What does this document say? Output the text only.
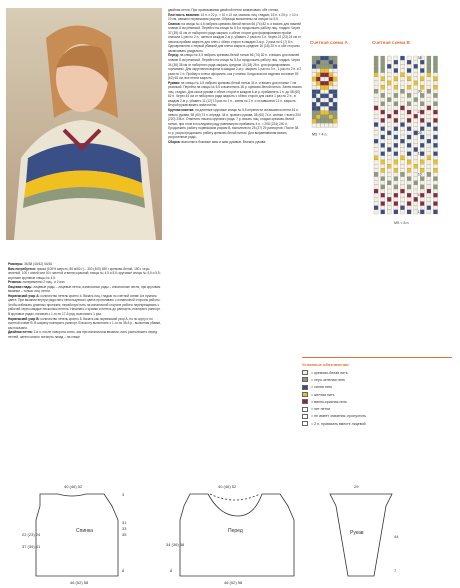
Размеры: 36/38 (40/42) 44/46
Вам потребуется: пряжа (100% шерсть; 85 м/50 г) – 300 (400) 450 г кремово-белой, 150 г серо-зеленой, 100 г синей или 50 г желтой и винно-красной; спицы № 4,5 и 5,5; круговые спицы № 4,5 и 5,5; короткие круговые спицы № 4,5.
Резинка: попеременно 2 лиц., и 2 изн.
Лицевая гладь: лицевые ряды – лицевые петли, изнаночные ряды – изнаночные петли; при круговом вязании – только лиц. петли.
Норвежский узор A: количество петель кратно 4. Вязать лиц. гладью по счетной схеме A в нужном цвете. При вязании внутри ряда нить непользуемого цвета протягивать с изнаночной стороны работы. Чтобы избежать длинных протяжек, нерабочую нить на изнаночной стороне работы перекрещивать с рабочей через каждые несколько петель. Начинать с кромки и петель до раппорта, повторять раппорт. В круговых рядах, начиная с 1-го по 17-й ряд, выполнять 1 раз.
Норвежский узор B: количество петель кратно 8. Вязать как норвежский узор A, но по кругу и по счетной схеме B. В ширину повторять раппорт. В высоту выполнять с 1-го по 38-й р., выполняя убавки, как показано.
Двойная петля: 1-я п. после поворота снять, как при изнаночном вязании, нить расположить перед петлей, затем сильно потянуть назад – на спице
двойная петля. При провязывании двойной петли захватывать обе стенки.
Плотность вязания: 14 п. x 22 р. = 10 x 10 см, связано лиц. гладью; 15 п. x 20 р. = 10 x 10 см, связано норвежским узором. Образцы выполнены на спицах № 5,5.
Спинка: на спицы № 4,5 набрать кремово-белой нитью 66 (74) 82 п. и вязать для нижней планки 8 см резинкой. Перейти на спицы № 5,5 и продолжить работу лиц. гладью. Через 37 (39) 41 см от наборного ряда закрыть с обеих сторон для формирования пройм сначала 1 раз по 2 п., затем в каждом 2-м р. убавить 2 раза по 1 п. Через 22 (23) 24 см от начала проймы закрыть для плеч с обеих сторон в каждом 2-м р. 2 раза по 6 (7) 8 п. Одновременно с первой убавкой для плеча закрыть средние 16 (18) 20 п. и обе стороны заканчивать раздельно.
Перед: на спицы № 4,5 набрать кремово-белой нитью 66 (74) 82 п. и вязать для нижней планки 8 см резинкой. Перейти на спицы № 5,5 и продолжить работу лиц. гладью. Через 34 (36) 38 см от наборного ряда закрыть средние 10 (18) 26 п. для формирования горловины. Для округления выреза в каждом 2-м р. закрыть 1 раз по 3 п., 1 раз по 2 п. и 2 раза по 1 п. Пройму и плечи оформить, как у спинки. Когда высота изделия составит 59 (62) 65 см, все петли закрыть.
Рукава: на спицы № 4,5 набрать кремово-белой нитью 34 п. и вязать для планки 7 см резинкой. Перейти на спицы № 5,5 и выполнить 18 р. кремово-белой нитью. Затем вязать лиц. гладью. Для скоса рукава с обеих сторон в каждом 6-м р. прибавлять 1 п. до 58 (60) 62 п. Через 44 см от наборного ряда закрыть с обеих сторон для оката 1 раз по 2 п., в каждом 2-м р. убавить 11 (12) 13 раз по 1 п., затем по 2 п. и оставшиеся 12 п. закрыть. Второй рукав вязать аналогично.
Круглая кокетка: на длинные круговые спицы № 5,5 перенести оставшиеся петли 44 п. левого рукава, 58 (60) 74 п. переда, 44 п. правого рукава, 58 (60) 74 п. спинки = всего 204 (220) 236 п. Отметить начало кругового ряда. 7 р. вязать лиц. гладью кремово-белой нитью, при этом в последнем ряду равномерно прибавить 4 п. = 208 (224) 240 п. Продолжить работу норвежским узором B, выполнив по 25 (27) 29 раппортов. После 38-го р. узора продолжить работу кремово-белой нитью. Для выравнивания вязать укороченные ряды.
Сборка: выполнить боковые швы и швы рукавов. Втачать рукава.
Счетная схема A	Счетная схема B
MS = 4 п.
MS = 8 п.
1
5
10
15
20
25
30
38
Условные обозначения
= кремово-белая нить
= серо-зеленая нить
= синяя нить
= желтая нить
= винно-красная нить
= нет петли
= не имеет значения, пропустить
= 2 п. провязать вместе лицевой
40 (46) 52
46 (52) 58
Спинка
31
33
35
22 (23) 24
37 (39) 41
8
3
40 (46) 52
46 (52) 58
Перед
34 (36) 38
8
29
Рукав
44
7
